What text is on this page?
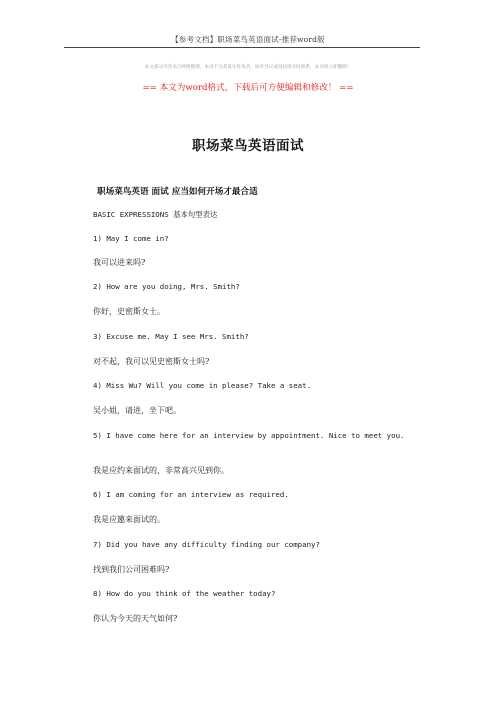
【参考文档】职场菜鸟英语面试-推荐word版
本文部分内容来自网络整理，本司不为其真实性负责，如有异议或侵权请及时联系，本司将立即删除！
== 本文为word格式，下载后可方便编辑和修改！ ==
职场菜鸟英语面试
职场菜鸟英语 面试 应当如何开场才最合适
BASIC EXPRESSIONS 基本句型表达
1) May I come in?
我可以进来吗?
2) How are you doing, Mrs. Smith?
你好，史密斯女士。
3) Excuse me. May I see Mrs. Smith?
对不起，我可以见史密斯女士吗?
4) Miss Wu? Will you come in please? Take a seat.
吴小姐，请进，坐下吧。
5) I have come here for an interview by appointment. Nice to meet you.
我是应约来面试的，非常高兴见到你。
6) I am coming for an interview as required.
我是应邀来面试的。
7) Did you have any difficulty finding our company?
找到我们公司困难吗?
8) How do you think of the weather today?
你认为今天的天气如何?
